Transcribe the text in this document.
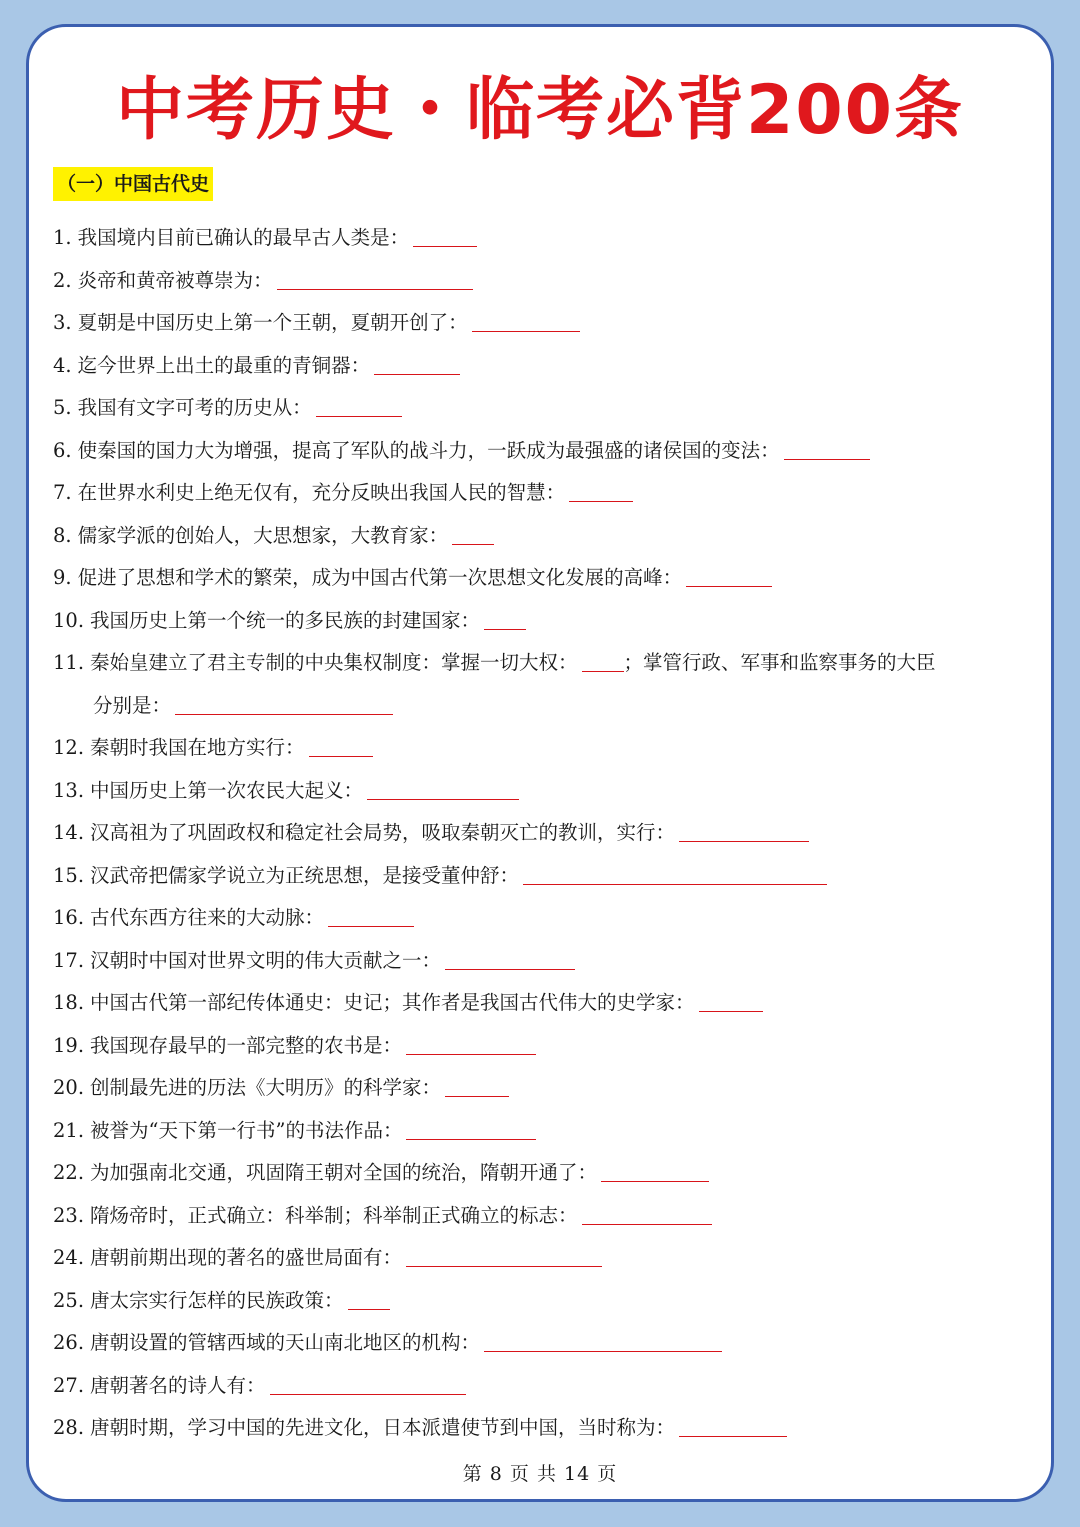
中考历史・临考必背200条
（一）中国古代史
1. 我国境内目前已确认的最早古人类是：
2. 炎帝和黄帝被尊崇为：
3. 夏朝是中国历史上第一个王朝，夏朝开创了：
4. 迄今世界上出土的最重的青铜器：
5. 我国有文字可考的历史从：
6. 使秦国的国力大为增强，提高了军队的战斗力，一跃成为最强盛的诸侯国的变法：
7. 在世界水利史上绝无仅有，充分反映出我国人民的智慧：
8. 儒家学派的创始人，大思想家，大教育家：
9. 促进了思想和学术的繁荣，成为中国古代第一次思想文化发展的高峰：
10. 我国历史上第一个统一的多民族的封建国家：
11. 秦始皇建立了君主专制的中央集权制度：掌握一切大权： ；掌管行政、军事和监察事务的大臣
分别是：
12. 秦朝时我国在地方实行：
13. 中国历史上第一次农民大起义：
14. 汉高祖为了巩固政权和稳定社会局势，吸取秦朝灭亡的教训，实行：
15. 汉武帝把儒家学说立为正统思想，是接受董仲舒：
16. 古代东西方往来的大动脉：
17. 汉朝时中国对世界文明的伟大贡献之一：
18. 中国古代第一部纪传体通史：史记；其作者是我国古代伟大的史学家：
19. 我国现存最早的一部完整的农书是：
20. 创制最先进的历法《大明历》的科学家：
21. 被誉为“天下第一行书”的书法作品：
22. 为加强南北交通，巩固隋王朝对全国的统治，隋朝开通了：
23. 隋炀帝时，正式确立：科举制；科举制正式确立的标志：
24. 唐朝前期出现的著名的盛世局面有：
25. 唐太宗实行怎样的民族政策：
26. 唐朝设置的管辖西域的天山南北地区的机构：
27. 唐朝著名的诗人有：
28. 唐朝时期，学习中国的先进文化，日本派遣使节到中国，当时称为：
第 8 页 共 14 页
